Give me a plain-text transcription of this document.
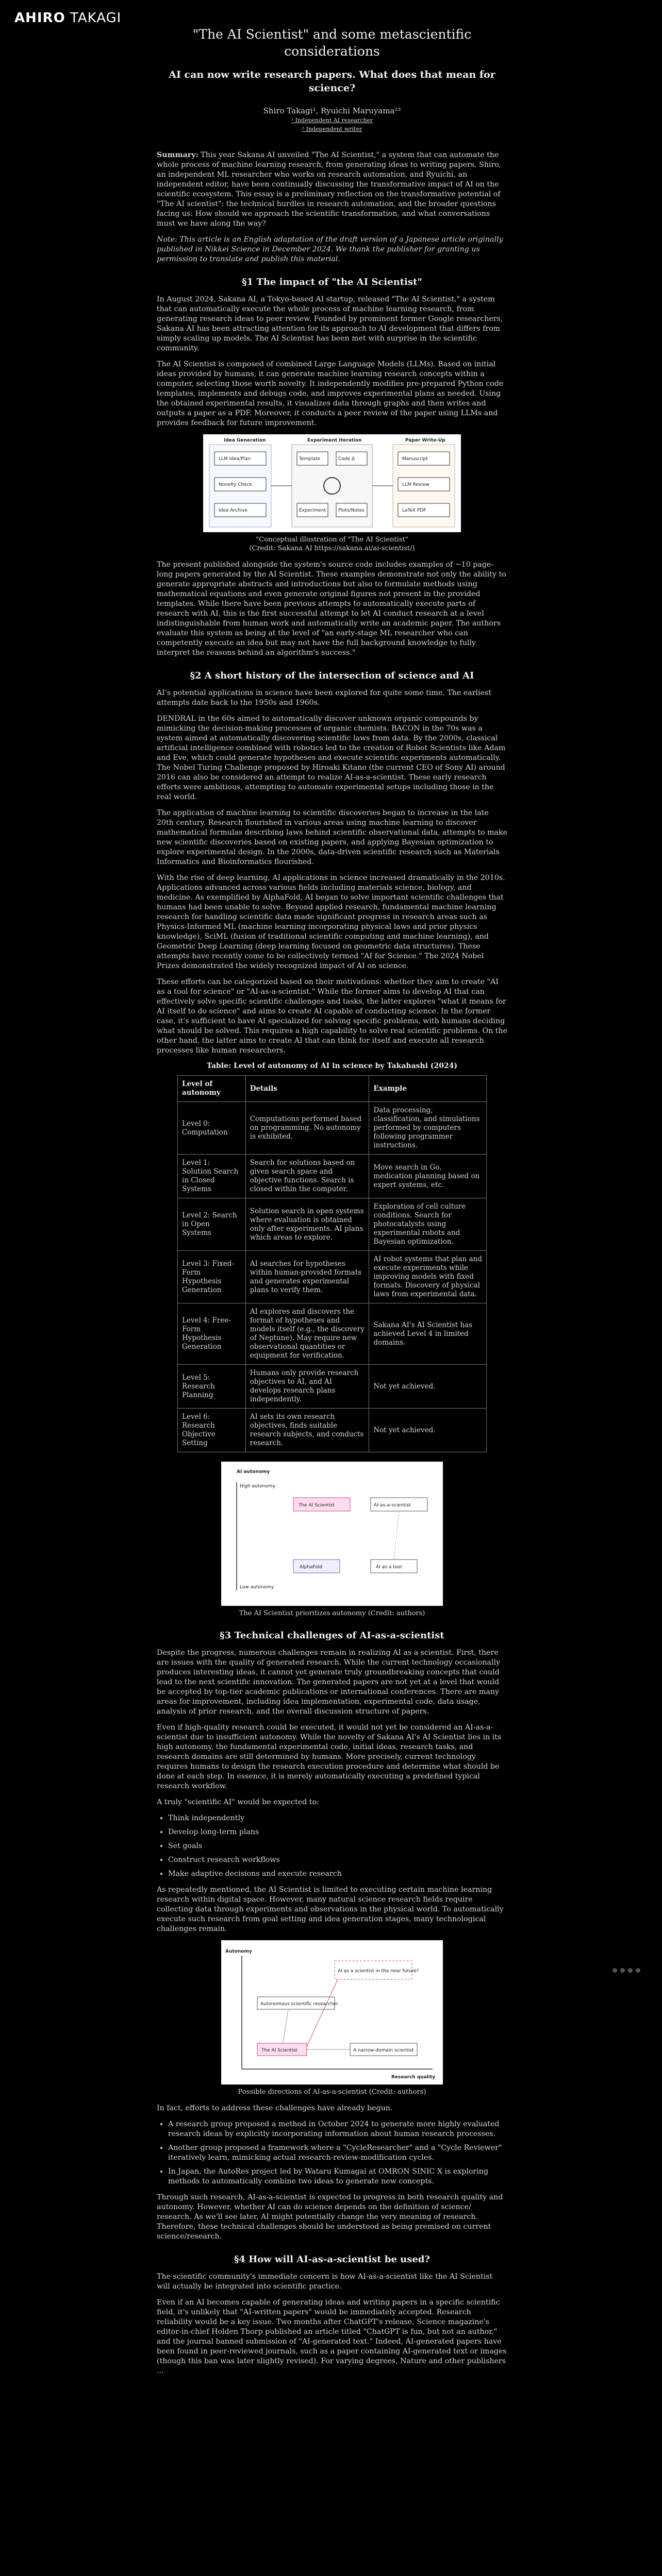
AHIRO TAKAGI
"The AI Scientist" and some metascientific considerations
AI can now write research papers. What does that mean for science?
Shiro Takagi¹, Ryuichi Maruyama²³
¹ Independent AI researcher
² Independent writer

Summary: This year Sakana AI unveiled "The AI Scientist," a system that can automate the whole process of machine learning research, from generating ideas to writing papers. Shiro, an independent ML researcher who works on research automation, and Ryuichi, an independent editor, have been continually discussing the transformative impact of AI on the scientific ecosystem. This essay is a preliminary reflection on the transformative potential of "The AI scientist": the technical hurdles in research automation, and the broader questions facing us: How should we approach the scientific transformation, and what conversations must we have along the way?

Note: This article is an English adaptation of the draft version of a Japanese article originally published in Nikkei Science in December 2024. We thank the publisher for granting us permission to translate and publish this material.

§1 The impact of "the AI Scientist"

In August 2024, Sakana AI, a Tokyo-based AI startup, released "The AI Scientist," a system that can automatically execute the whole process of machine learning research, from generating research ideas to peer review. Founded by prominent former Google researchers, Sakana AI has been attracting attention for its approach to AI development that differs from simply scaling up models. The AI Scientist has been met with surprise in the scientific community.

The AI Scientist is composed of combined Large Language Models (LLMs). Based on initial ideas provided by humans, it can generate machine learning research concepts within a computer, selecting those worth novelty. It independently modifies pre-prepared Python code templates, implements and debugs code, and improves experimental plans as needed. Using the obtained experimental results, it visualizes data through graphs and then writes and outputs a paper as a PDF. Moreover, it conducts a peer review of the paper using LLMs and provides feedback for future improvement.

Idea Generation	Experiment Iteration	Paper Write-Up
LLM Idea/Plan
Novelty Check
Idea Archive
Template	Code Δ
Experiment	Plots/Notes
Manuscript
LLM Review
LaTeX PDF
"Conceptual illustration of "The AI Scientist"
(Credit: Sakana AI https://sakana.ai/ai-scientist/)

The present published alongside the system's source code includes examples of ~10 page-long papers generated by the AI Scientist. These examples demonstrate not only the ability to generate appropriate abstracts and introductions but also to formulate methods using mathematical equations and even generate original figures not present in the provided templates. While there have been previous attempts to automatically execute parts of research with AI, this is the first successful attempt to let AI conduct research at a level indistinguishable from human work and automatically write an academic paper. The authors evaluate this system as being at the level of "an early-stage ML researcher who can competently execute an idea but may not have the full background knowledge to fully interpret the reasons behind an algorithm's success."

§2 A short history of the intersection of science and AI

AI's potential applications in science have been explored for quite some time. The earliest attempts date back to the 1950s and 1960s.

DENDRAL in the 60s aimed to automatically discover unknown organic compounds by mimicking the decision-making processes of organic chemists. BACON in the 70s was a system aimed at automatically discovering scientific laws from data. By the 2000s, classical artificial intelligence combined with robotics led to the creation of Robot Scientists like Adam and Eve, which could generate hypotheses and execute scientific experiments automatically. The Nobel Turing Challenge proposed by Hiroaki Kitano (the current CEO of Sony AI) around 2016 can also be considered an attempt to realize AI-as-a-scientist. These early research efforts were ambitious, attempting to automate experimental setups including those in the real world.

The application of machine learning to scientific discoveries began to increase in the late 20th century. Research flourished in various areas using machine learning to discover mathematical formulas describing laws behind scientific observational data, attempts to make new scientific discoveries based on existing papers, and applying Bayesian optimization to explore experimental design. In the 2000s, data-driven scientific research such as Materials Informatics and Bioinformatics flourished.

With the rise of deep learning, AI applications in science increased dramatically in the 2010s. Applications advanced across various fields including materials science, biology, and medicine. As exemplified by AlphaFold, AI began to solve important scientific challenges that humans had been unable to solve. Beyond applied research, fundamental machine learning research for handling scientific data made significant progress in research areas such as Physics-Informed ML (machine learning incorporating physical laws and prior physics knowledge), SciML (fusion of traditional scientific computing and machine learning), and Geometric Deep Learning (deep learning focused on geometric data structures). These attempts have recently come to be collectively termed "AI for Science." The 2024 Nobel Prizes demonstrated the widely recognized impact of AI on science.

These efforts can be categorized based on their motivations: whether they aim to create "AI as a tool for science" or "AI-as-a-scientist." While the former aims to develop AI that can effectively solve specific scientific challenges and tasks, the latter explores "what it means for AI itself to do science" and aims to create AI capable of conducting science. In the former case, it's sufficient to have AI specialized for solving specific problems, with humans deciding what should be solved. This requires a high capability to solve real scientific problems. On the other hand, the latter aims to create AI that can think for itself and execute all research processes like human researchers.

Table: Level of autonomy of AI in science by Takahashi (2024)
Level of autonomy	Details	Example
Level 0: Computation	Computations performed based on programming. No autonomy is exhibited.	Data processing, classification, and simulations performed by computers following programmer instructions.
Level 1: Solution Search in Closed Systems	Search for solutions based on given search space and objective functions. Search is closed within the computer.	Move search in Go, medication planning based on expert systems, etc.
Level 2: Search in Open Systems	Solution search in open systems where evaluation is obtained only after experiments. AI plans which areas to explore.	Exploration of cell culture conditions. Search for photocatalysts using experimental robots and Bayesian optimization.
Level 3: Fixed-Form Hypothesis Generation	AI searches for hypotheses within human-provided formats and generates experimental plans to verify them.	AI robot systems that plan and execute experiments while improving models with fixed formats. Discovery of physical laws from experimental data.
Level 4: Free-Form Hypothesis Generation	AI explores and discovers the format of hypotheses and models itself (e.g., the discovery of Neptune). May require new observational quantities or equipment for verification.	Sakana AI's AI Scientist has achieved Level 4 in limited domains.
Level 5: Research Planning	Humans only provide research objectives to AI, and AI develops research plans independently.	Not yet achieved.
Level 6: Research Objective Setting	AI sets its own research objectives, finds suitable research subjects, and conducts research.	Not yet achieved.
AI autonomy
High autonomy
Low autonomy
The AI Scientist
AlphaFold	AI as a tool
AI-as-a-scientist
The AI Scientist prioritizes autonomy (Credit: authors)
§3 Technical challenges of AI-as-a-scientist

Despite the progress, numerous challenges remain in realizing AI as a scientist. First, there are issues with the quality of generated research. While the current technology occasionally produces interesting ideas, it cannot yet generate truly groundbreaking concepts that could lead to the next scientific innovation. The generated papers are not yet at a level that would be accepted by top-tier academic publications or international conferences. There are many areas for improvement, including idea implementation, experimental code, data usage, analysis of prior research, and the overall discussion structure of papers.

Even if high-quality research could be executed, it would not yet be considered an AI-as-a-scientist due to insufficient autonomy. While the novelty of Sakana AI's AI Scientist lies in its high autonomy, the fundamental experimental code, initial ideas, research tasks, and research domains are still determined by humans. More precisely, current technology requires humans to design the research execution procedure and determine what should be done at each step. In essence, it is merely automatically executing a predefined typical research workflow.

A truly "scientific AI" would be expected to:

• Think independently
• Develop long-term plans
• Set goals
• Construct research workflows
• Make adaptive decisions and execute research

As repeatedly mentioned, the AI Scientist is limited to executing certain machine learning research within digital space. However, many natural science research fields require collecting data through experiments and observations in the physical world. To automatically execute such research from goal setting and idea generation stages, many technological challenges remain.

Autonomy
Research quality
The AI Scientist
AI as a scientist in the near future?
Autonomous scientific researcher
A narrow-domain scientist
Possible directions of AI-as-a-scientist (Credit: authors)

In fact, efforts to address these challenges have already begun.

• A research group proposed a method in October 2024 to generate more highly evaluated research ideas by explicitly incorporating information about human research processes.
• Another group proposed a framework where a "CycleResearcher" and a "Cycle Reviewer" iteratively learn, mimicking actual research-review-modification cycles.
• In Japan, the AutoRes project led by Wataru Kumagai at OMRON SINIC X is exploring methods to automatically combine two ideas to generate new concepts.

Through such research, AI-as-a-scientist is expected to progress in both research quality and autonomy. However, whether AI can do science depends on the definition of science/ research. As we'll see later, AI might potentially change the very meaning of research. Therefore, these technical challenges should be understood as being premised on current science/research.

§4 How will AI-as-a-scientist be used?

The scientific community's immediate concern is how AI-as-a-scientist like the AI Scientist will actually be integrated into scientific practice.

Even if an AI becomes capable of generating ideas and writing papers in a specific scientific field, it's unlikely that "AI-written papers" would be immediately accepted. Research reliability would be a key issue. Two months after ChatGPT's release, Science magazine's editor-in-chief Holden Thorp published an article titled "ChatGPT is fun, but not an author," and the journal banned submission of "AI-generated text." Indeed, AI-generated papers have been found in peer-reviewed journals, such as a paper containing AI-generated text or images (though this ban was later slightly revised). For varying degrees, Nature and other publishers ...
